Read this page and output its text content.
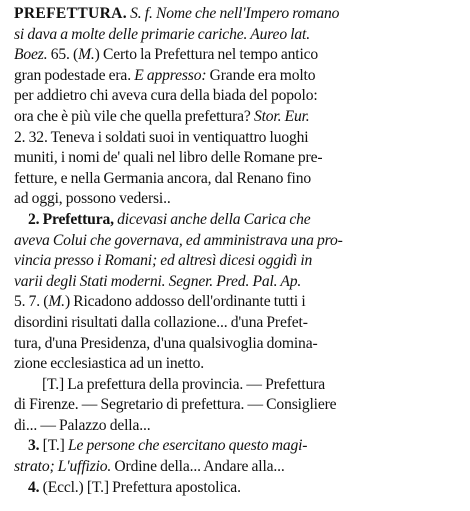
PREFETTURA. S. f. Nome che nell'Impero romano
si dava a molte delle primarie cariche. Aureo lat.
Boez. 65. (M.) Certo la Prefettura nel tempo antico
gran podestade era. E appresso: Grande era molto
per addietro chi aveva cura della biada del popolo:
ora che è più vile che quella prefettura? Stor. Eur.
2. 32. Teneva i soldati suoi in ventiquattro luoghi
muniti, i nomi de' quali nel libro delle Romane pre-
fetture, e nella Germania ancora, dal Renano fino
ad oggi, possono vedersi..
2. Prefettura, dicevasi anche della Carica che
aveva Colui che governava, ed amministrava una pro-
vincia presso i Romani; ed altresì dicesi oggidì in
varii degli Stati moderni. Segner. Pred. Pal. Ap.
5. 7. (M.) Ricadono addosso dell'ordinante tutti i
disordini risultati dalla collazione... d'una Prefet-
tura, d'una Presidenza, d'una qualsivoglia domina-
zione ecclesiastica ad un inetto.
[T.] La prefettura della provincia. — Prefettura
di Firenze. — Segretario di prefettura. — Consigliere
di... — Palazzo della...
3. [T.] Le persone che esercitano questo magi-
strato; L'uffizio. Ordine della... Andare alla...
4. (Eccl.) [T.] Prefettura apostolica.
